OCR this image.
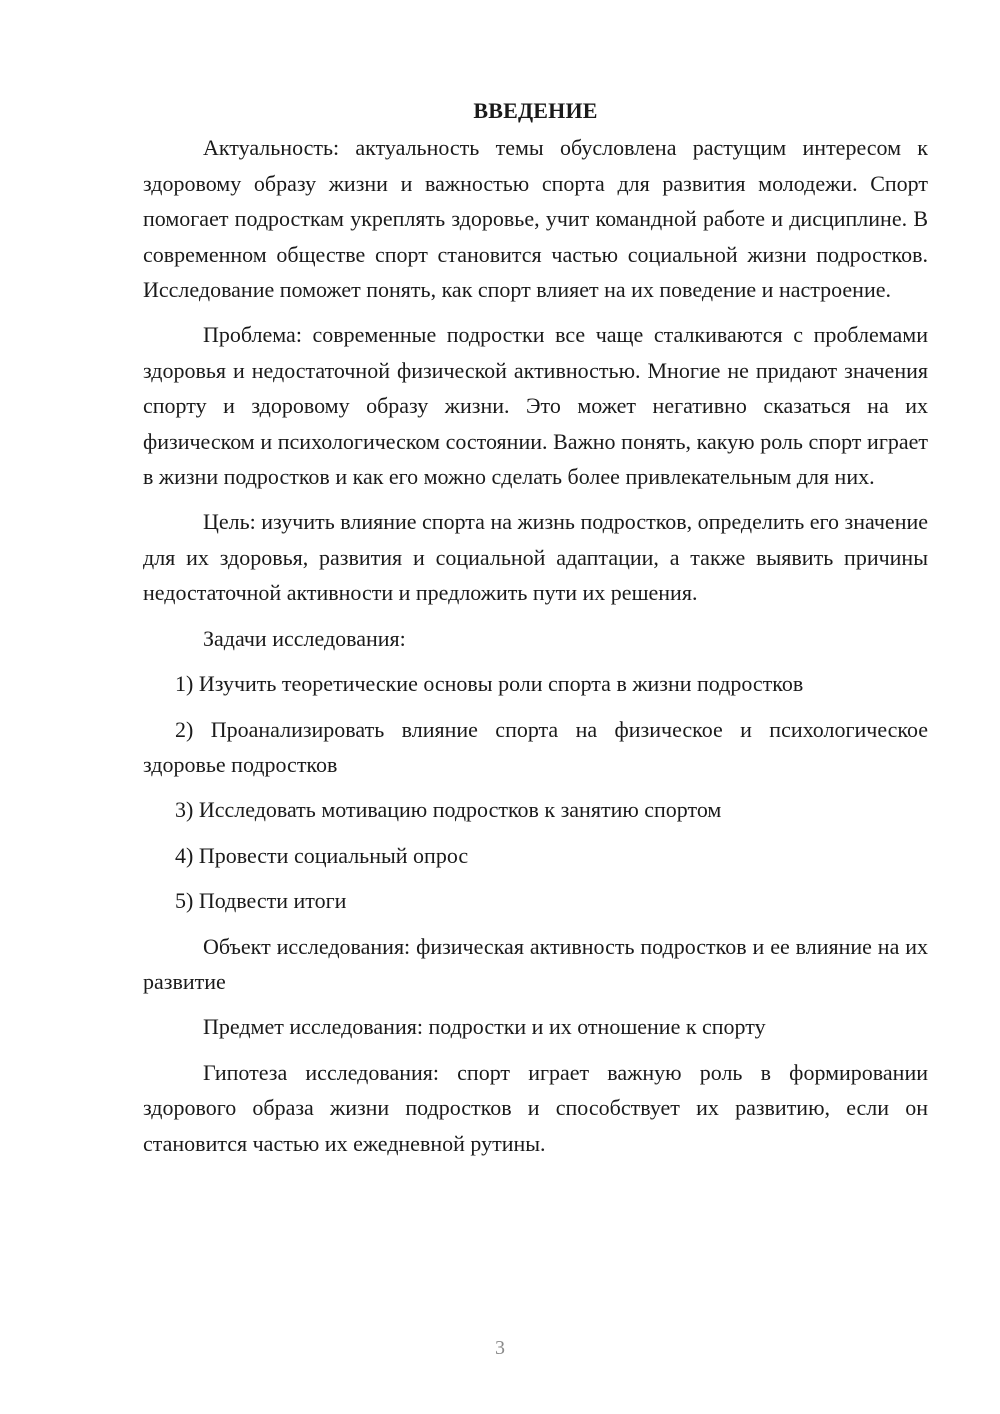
ВВЕДЕНИЕ

Актуальность: актуальность темы обусловлена растущим интересом к здоровому образу жизни и важностью спорта для развития молодежи. Спорт помогает подросткам укреплять здоровье, учит командной работе и дисциплине. В современном обществе спорт становится частью социальной жизни подростков. Исследование поможет понять, как спорт влияет на их поведение и настроение.

Проблема: современные подростки все чаще сталкиваются с проблемами здоровья и недостаточной физической активностью. Многие не придают значения спорту и здоровому образу жизни. Это может негативно сказаться на их физическом и психологическом состоянии. Важно понять, какую роль спорт играет в жизни подростков и как его можно сделать более привлекательным для них.

Цель: изучить влияние спорта на жизнь подростков, определить его значение для их здоровья, развития и социальной адаптации, а также выявить причины недостаточной активности и предложить пути их решения.

Задачи исследования:

1) Изучить теоретические основы роли спорта в жизни подростков

2) Проанализировать влияние спорта на физическое и психологическое здоровье подростков

3) Исследовать мотивацию подростков к занятию спортом

4) Провести социальный опрос

5) Подвести итоги

Объект исследования: физическая активность подростков и ее влияние на их развитие

Предмет исследования: подростки и их отношение к спорту

Гипотеза исследования: спорт играет важную роль в формировании здорового образа жизни подростков и способствует их развитию, если он становится частью их ежедневной рутины.

3
